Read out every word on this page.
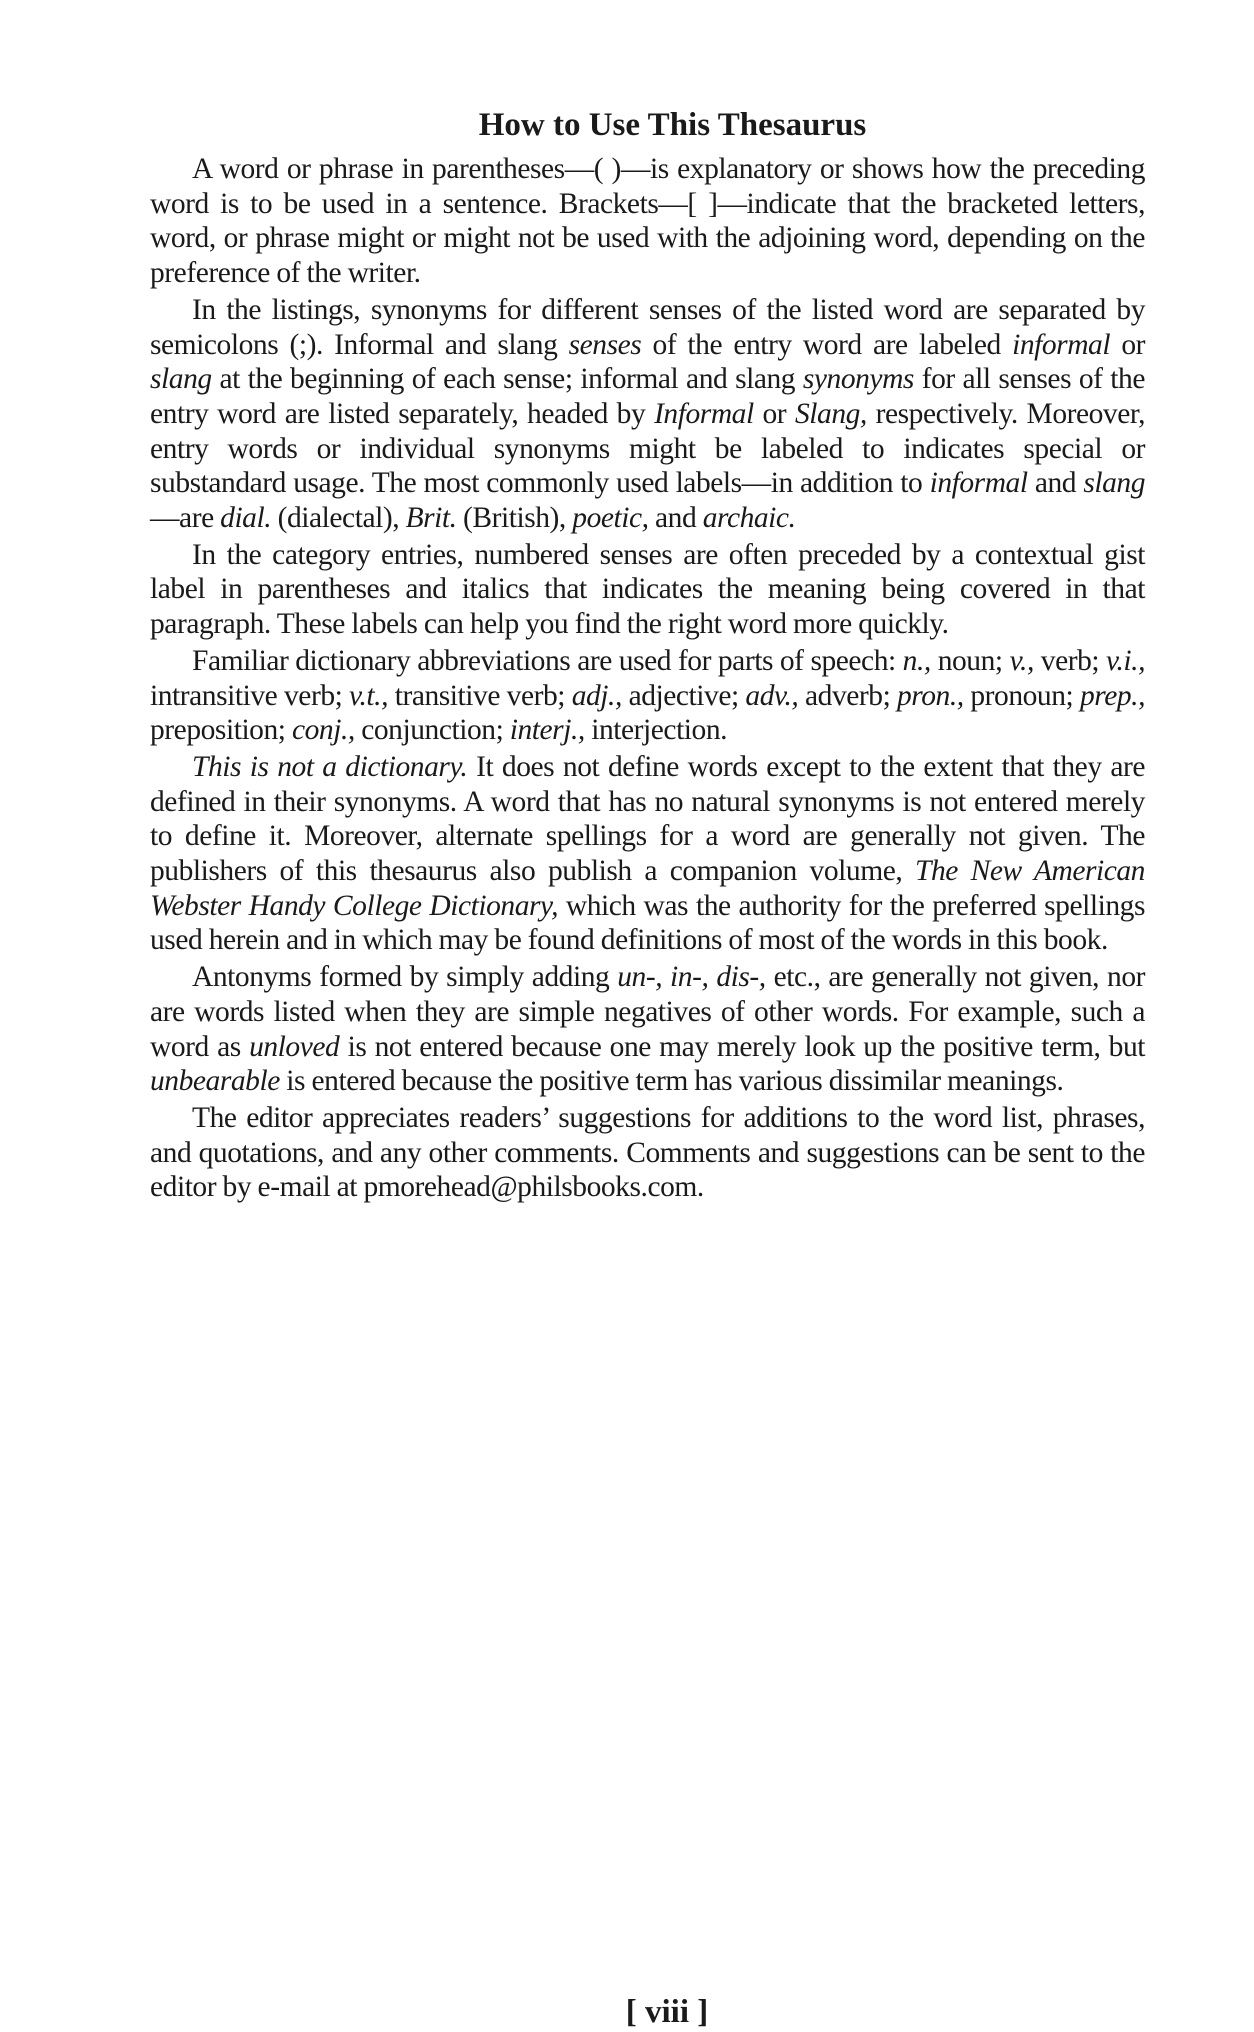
How to Use This Thesaurus

A word or phrase in parentheses—( )—is explanatory or shows how the preceding word is to be used in a sentence. Brackets—[ ]—indicate that the bracketed letters, word, or phrase might or might not be used with the adjoining word, depending on the preference of the writer.

In the listings, synonyms for different senses of the listed word are separated by semicolons (;). Informal and slang senses of the entry word are labeled informal or slang at the beginning of each sense; informal and slang synonyms for all senses of the entry word are listed separately, headed by Informal or Slang, respectively. Moreover, entry words or individual synonyms might be labeled to indicates special or substandard usage. The most commonly used labels—in addition to informal and slang—are dial. (dialectal), Brit. (British), poetic, and archaic.

In the category entries, numbered senses are often preceded by a contextual gist label in parentheses and italics that indicates the meaning being covered in that paragraph. These labels can help you find the right word more quickly.

Familiar dictionary abbreviations are used for parts of speech: n., noun; v., verb; v.i., intransitive verb; v.t., transitive verb; adj., adjective; adv., adverb; pron., pronoun; prep., preposition; conj., conjunction; interj., interjection.

This is not a dictionary. It does not define words except to the extent that they are defined in their synonyms. A word that has no natural synonyms is not entered merely to define it. Moreover, alternate spellings for a word are generally not given. The publishers of this thesaurus also publish a companion volume, The New American Webster Handy College Dictionary, which was the authority for the preferred spellings used herein and in which may be found definitions of most of the words in this book.

Antonyms formed by simply adding un-, in-, dis-, etc., are generally not given, nor are words listed when they are simple negatives of other words. For example, such a word as unloved is not entered because one may merely look up the positive term, but unbearable is entered because the positive term has various dissimilar meanings.

The editor appreciates readers’ suggestions for additions to the word list, phrases, and quotations, and any other comments. Comments and suggestions can be sent to the editor by e-mail at pmorehead@philsbooks.com.

[ viii ]
